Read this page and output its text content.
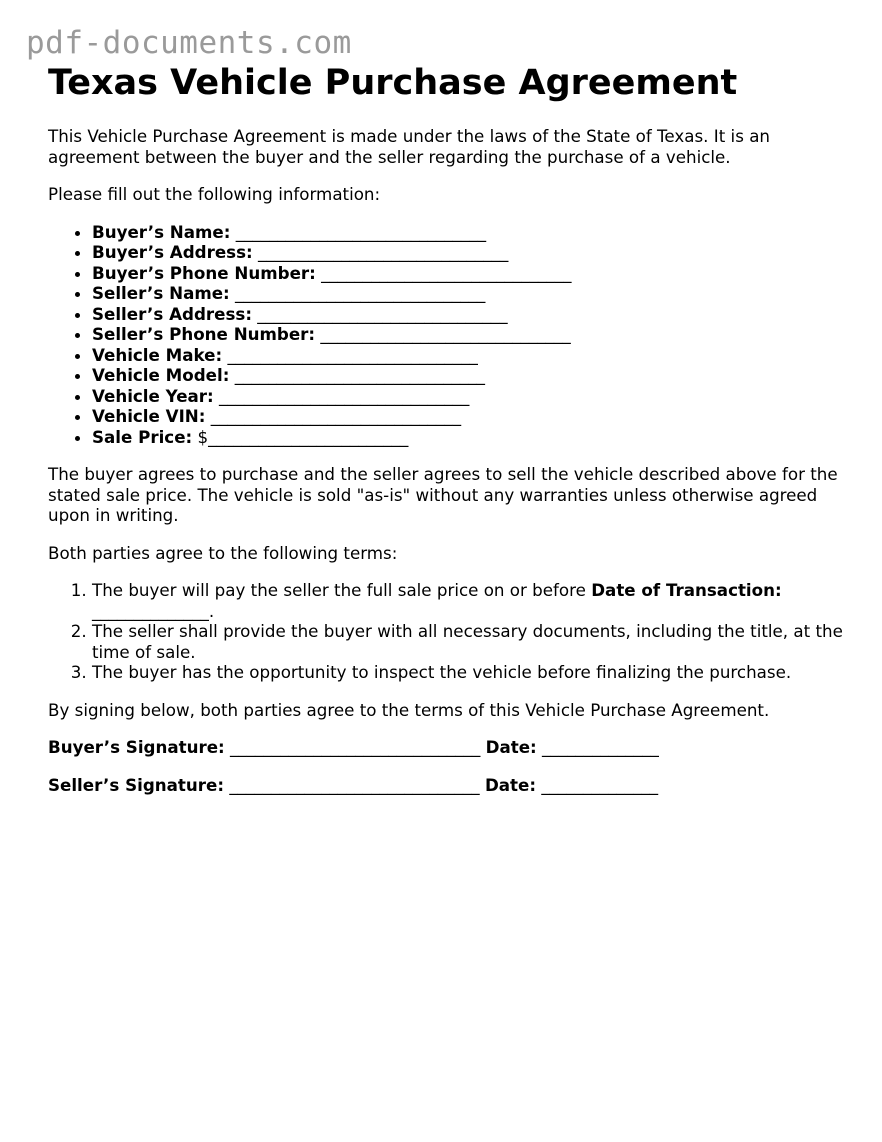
pdf-documents.com
Texas Vehicle Purchase Agreement

This Vehicle Purchase Agreement is made under the laws of the State of Texas. It is an agreement between the buyer and the seller regarding the purchase of a vehicle.

Please fill out the following information:

• Buyer’s Name: ______________________________
• Buyer’s Address: ______________________________
• Buyer’s Phone Number: ______________________________
• Seller’s Name: ______________________________
• Seller’s Address: ______________________________
• Seller’s Phone Number: ______________________________
• Vehicle Make: ______________________________
• Vehicle Model: ______________________________
• Vehicle Year: ______________________________
• Vehicle VIN: ______________________________
• Sale Price: $________________________

The buyer agrees to purchase and the seller agrees to sell the vehicle described above for the stated sale price. The vehicle is sold "as-is" without any warranties unless otherwise agreed upon in writing.

Both parties agree to the following terms:

1. The buyer will pay the seller the full sale price on or before Date of Transaction: ______________.
2. The seller shall provide the buyer with all necessary documents, including the title, at the time of sale.
3. The buyer has the opportunity to inspect the vehicle before finalizing the purchase.

By signing below, both parties agree to the terms of this Vehicle Purchase Agreement.

Buyer’s Signature: ______________________________ Date: ______________
Seller’s Signature: ______________________________ Date: ______________
